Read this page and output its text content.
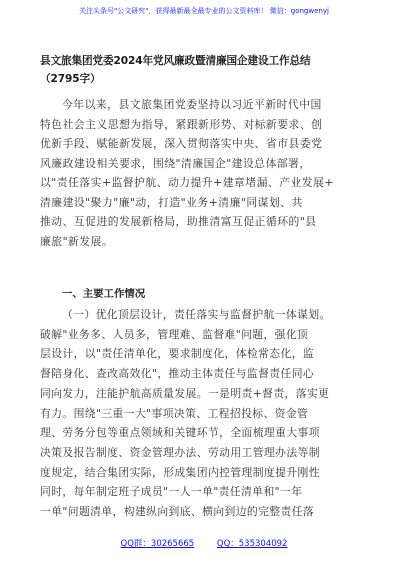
关注头条号"公文研究"，获得最新最全最专业的公文资料库！ 微信：gongwenyj
县文旅集团党委2024年党风廉政暨清廉国企建设工作总结
（2795字）
今年以来，县文旅集团党委坚持以习近平新时代中国
特色社会主义思想为指导，紧跟新形势、对标新要求、创
优新手段、赋能新发展，深入贯彻落实中央、省市县委党
风廉政建设相关要求，围绕"清廉国企"建设总体部署，
以"责任落实+监督护航、动力提升+建章堵漏、产业发展+
清廉建设"聚力"廉"动，打造"业务+清廉"同谋划、共
推动、互促进的发展新格局，助推清富互促正循环的"县
廉旅"新发展。
一、主要工作情况
（一）优化顶层设计，责任落实与监督护航一体谋划。
破解"业务多、人员多，管理难、监督难"问题，强化顶
层设计，以"责任清单化，要求制度化，体检常态化，监
督陪身化、查改高效化"，推动主体责任与监督责任同心
同向发力，注能护航高质量发展。一是明责+督责，落实更
有力。围绕"三重一大"事项决策、工程招投标、资金管
理、劳务分包等重点领域和关键环节，全面梳理重大事项
决策及报告制度、资金管理办法、劳动用工管理办法等制
度规定，结合集团实际，形成集团内控管理制度提升刚性
同时，每年制定班子成员"一人一单"责任清单和"一年
一单"问题清单，构建纵向到底、横向到边的完整责任落
QQ群：30265665	QQ：535304092
